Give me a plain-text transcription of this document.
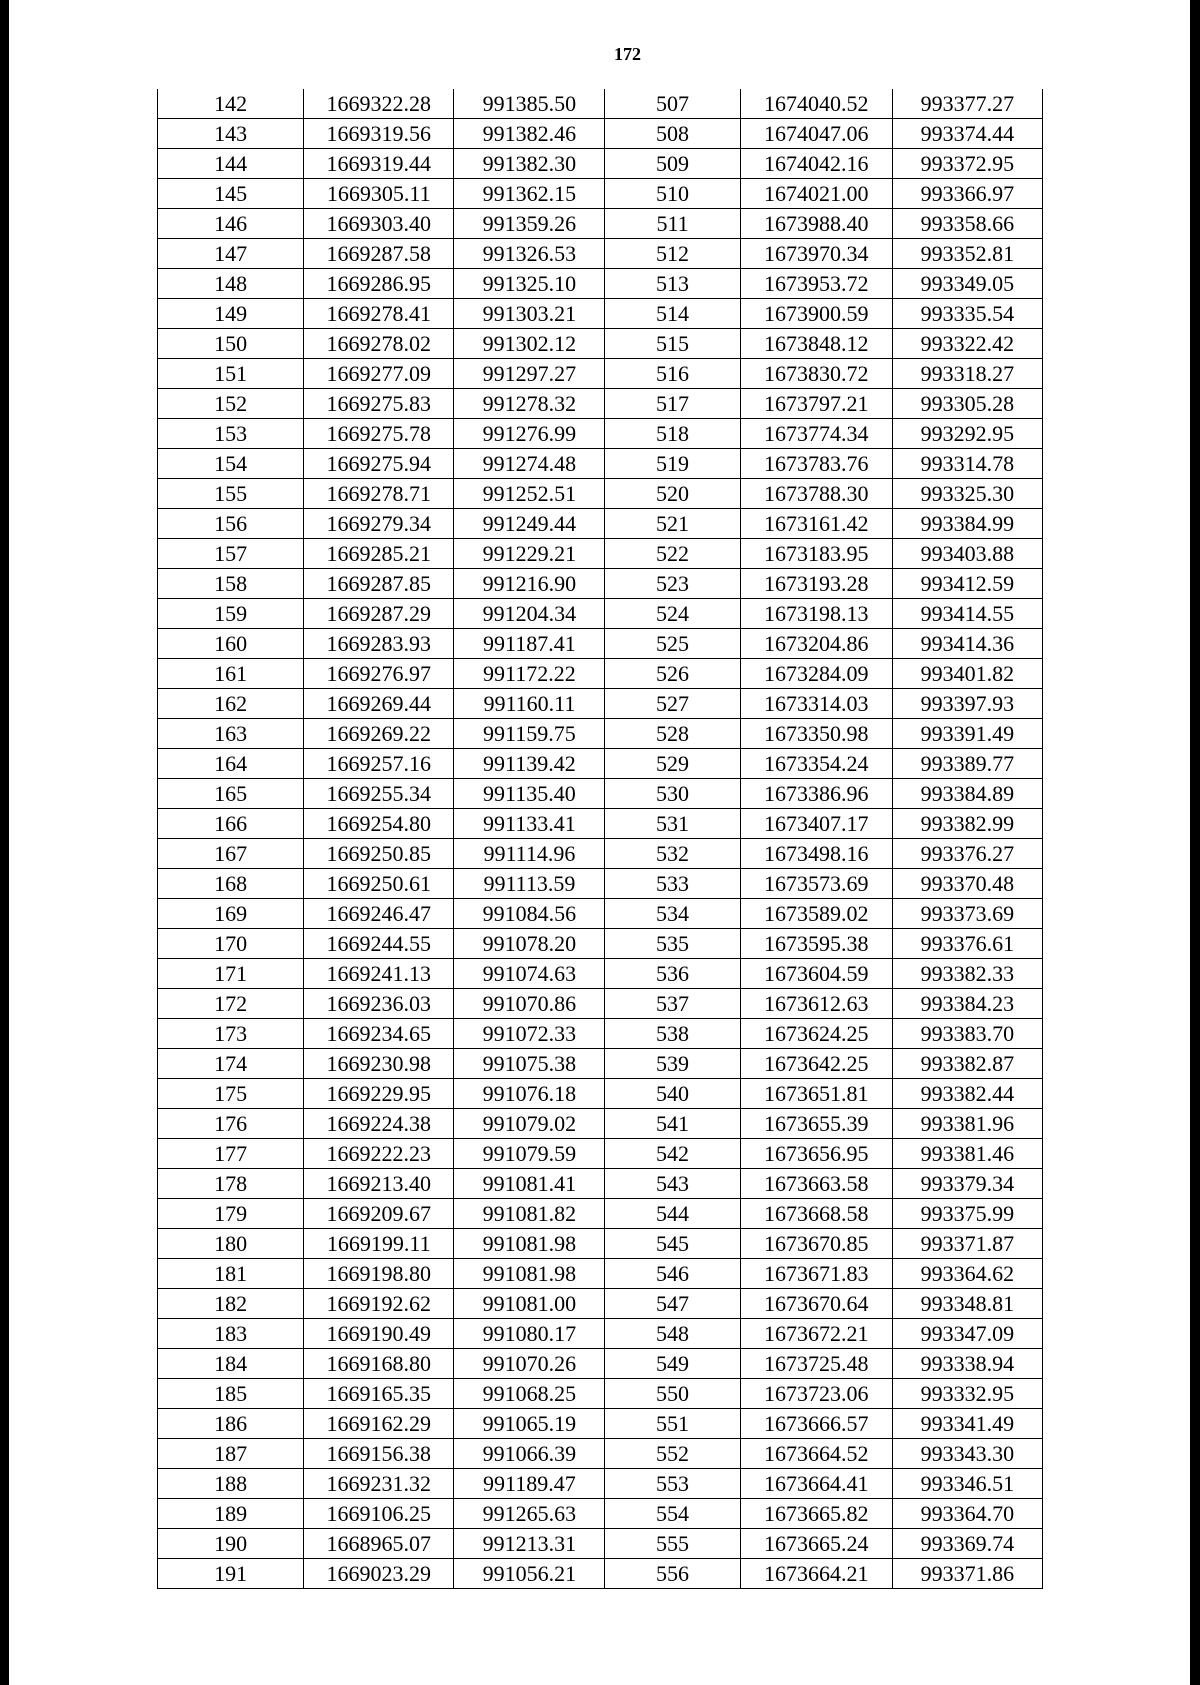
172
142	1669322.28	991385.50	507	1674040.52	993377.27
143	1669319.56	991382.46	508	1674047.06	993374.44
144	1669319.44	991382.30	509	1674042.16	993372.95
145	1669305.11	991362.15	510	1674021.00	993366.97
146	1669303.40	991359.26	511	1673988.40	993358.66
147	1669287.58	991326.53	512	1673970.34	993352.81
148	1669286.95	991325.10	513	1673953.72	993349.05
149	1669278.41	991303.21	514	1673900.59	993335.54
150	1669278.02	991302.12	515	1673848.12	993322.42
151	1669277.09	991297.27	516	1673830.72	993318.27
152	1669275.83	991278.32	517	1673797.21	993305.28
153	1669275.78	991276.99	518	1673774.34	993292.95
154	1669275.94	991274.48	519	1673783.76	993314.78
155	1669278.71	991252.51	520	1673788.30	993325.30
156	1669279.34	991249.44	521	1673161.42	993384.99
157	1669285.21	991229.21	522	1673183.95	993403.88
158	1669287.85	991216.90	523	1673193.28	993412.59
159	1669287.29	991204.34	524	1673198.13	993414.55
160	1669283.93	991187.41	525	1673204.86	993414.36
161	1669276.97	991172.22	526	1673284.09	993401.82
162	1669269.44	991160.11	527	1673314.03	993397.93
163	1669269.22	991159.75	528	1673350.98	993391.49
164	1669257.16	991139.42	529	1673354.24	993389.77
165	1669255.34	991135.40	530	1673386.96	993384.89
166	1669254.80	991133.41	531	1673407.17	993382.99
167	1669250.85	991114.96	532	1673498.16	993376.27
168	1669250.61	991113.59	533	1673573.69	993370.48
169	1669246.47	991084.56	534	1673589.02	993373.69
170	1669244.55	991078.20	535	1673595.38	993376.61
171	1669241.13	991074.63	536	1673604.59	993382.33
172	1669236.03	991070.86	537	1673612.63	993384.23
173	1669234.65	991072.33	538	1673624.25	993383.70
174	1669230.98	991075.38	539	1673642.25	993382.87
175	1669229.95	991076.18	540	1673651.81	993382.44
176	1669224.38	991079.02	541	1673655.39	993381.96
177	1669222.23	991079.59	542	1673656.95	993381.46
178	1669213.40	991081.41	543	1673663.58	993379.34
179	1669209.67	991081.82	544	1673668.58	993375.99
180	1669199.11	991081.98	545	1673670.85	993371.87
181	1669198.80	991081.98	546	1673671.83	993364.62
182	1669192.62	991081.00	547	1673670.64	993348.81
183	1669190.49	991080.17	548	1673672.21	993347.09
184	1669168.80	991070.26	549	1673725.48	993338.94
185	1669165.35	991068.25	550	1673723.06	993332.95
186	1669162.29	991065.19	551	1673666.57	993341.49
187	1669156.38	991066.39	552	1673664.52	993343.30
188	1669231.32	991189.47	553	1673664.41	993346.51
189	1669106.25	991265.63	554	1673665.82	993364.70
190	1668965.07	991213.31	555	1673665.24	993369.74
191	1669023.29	991056.21	556	1673664.21	993371.86
